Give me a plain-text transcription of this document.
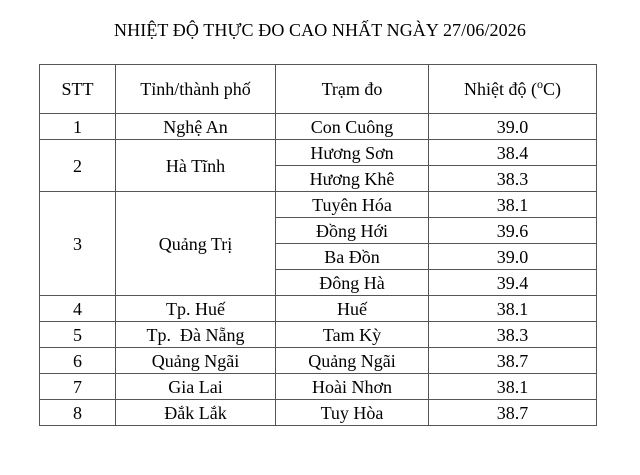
NHIỆT ĐỘ THỰC ĐO CAO NHẤT NGÀY 27/06/2026
STT	Tỉnh/thành phố	Trạm đo	Nhiệt độ ($^o$C)
1	Nghệ An	Con Cuông	39.0
2	Hà Tĩnh	Hương Sơn	38.4
		Hương Khê	38.3
3	Quảng Trị	Tuyên Hóa	38.1
		Đồng Hới	39.6
		Ba Đồn	39.0
		Đông Hà	39.4
4	Tp. Huế	Huế	38.1
5	Tp.  Đà Nẵng	Tam Kỳ	38.3
6	Quảng Ngãi	Quảng Ngãi	38.7
7	Gia Lai	Hoài Nhơn	38.1
8	Đắk Lắk	Tuy Hòa	38.7
